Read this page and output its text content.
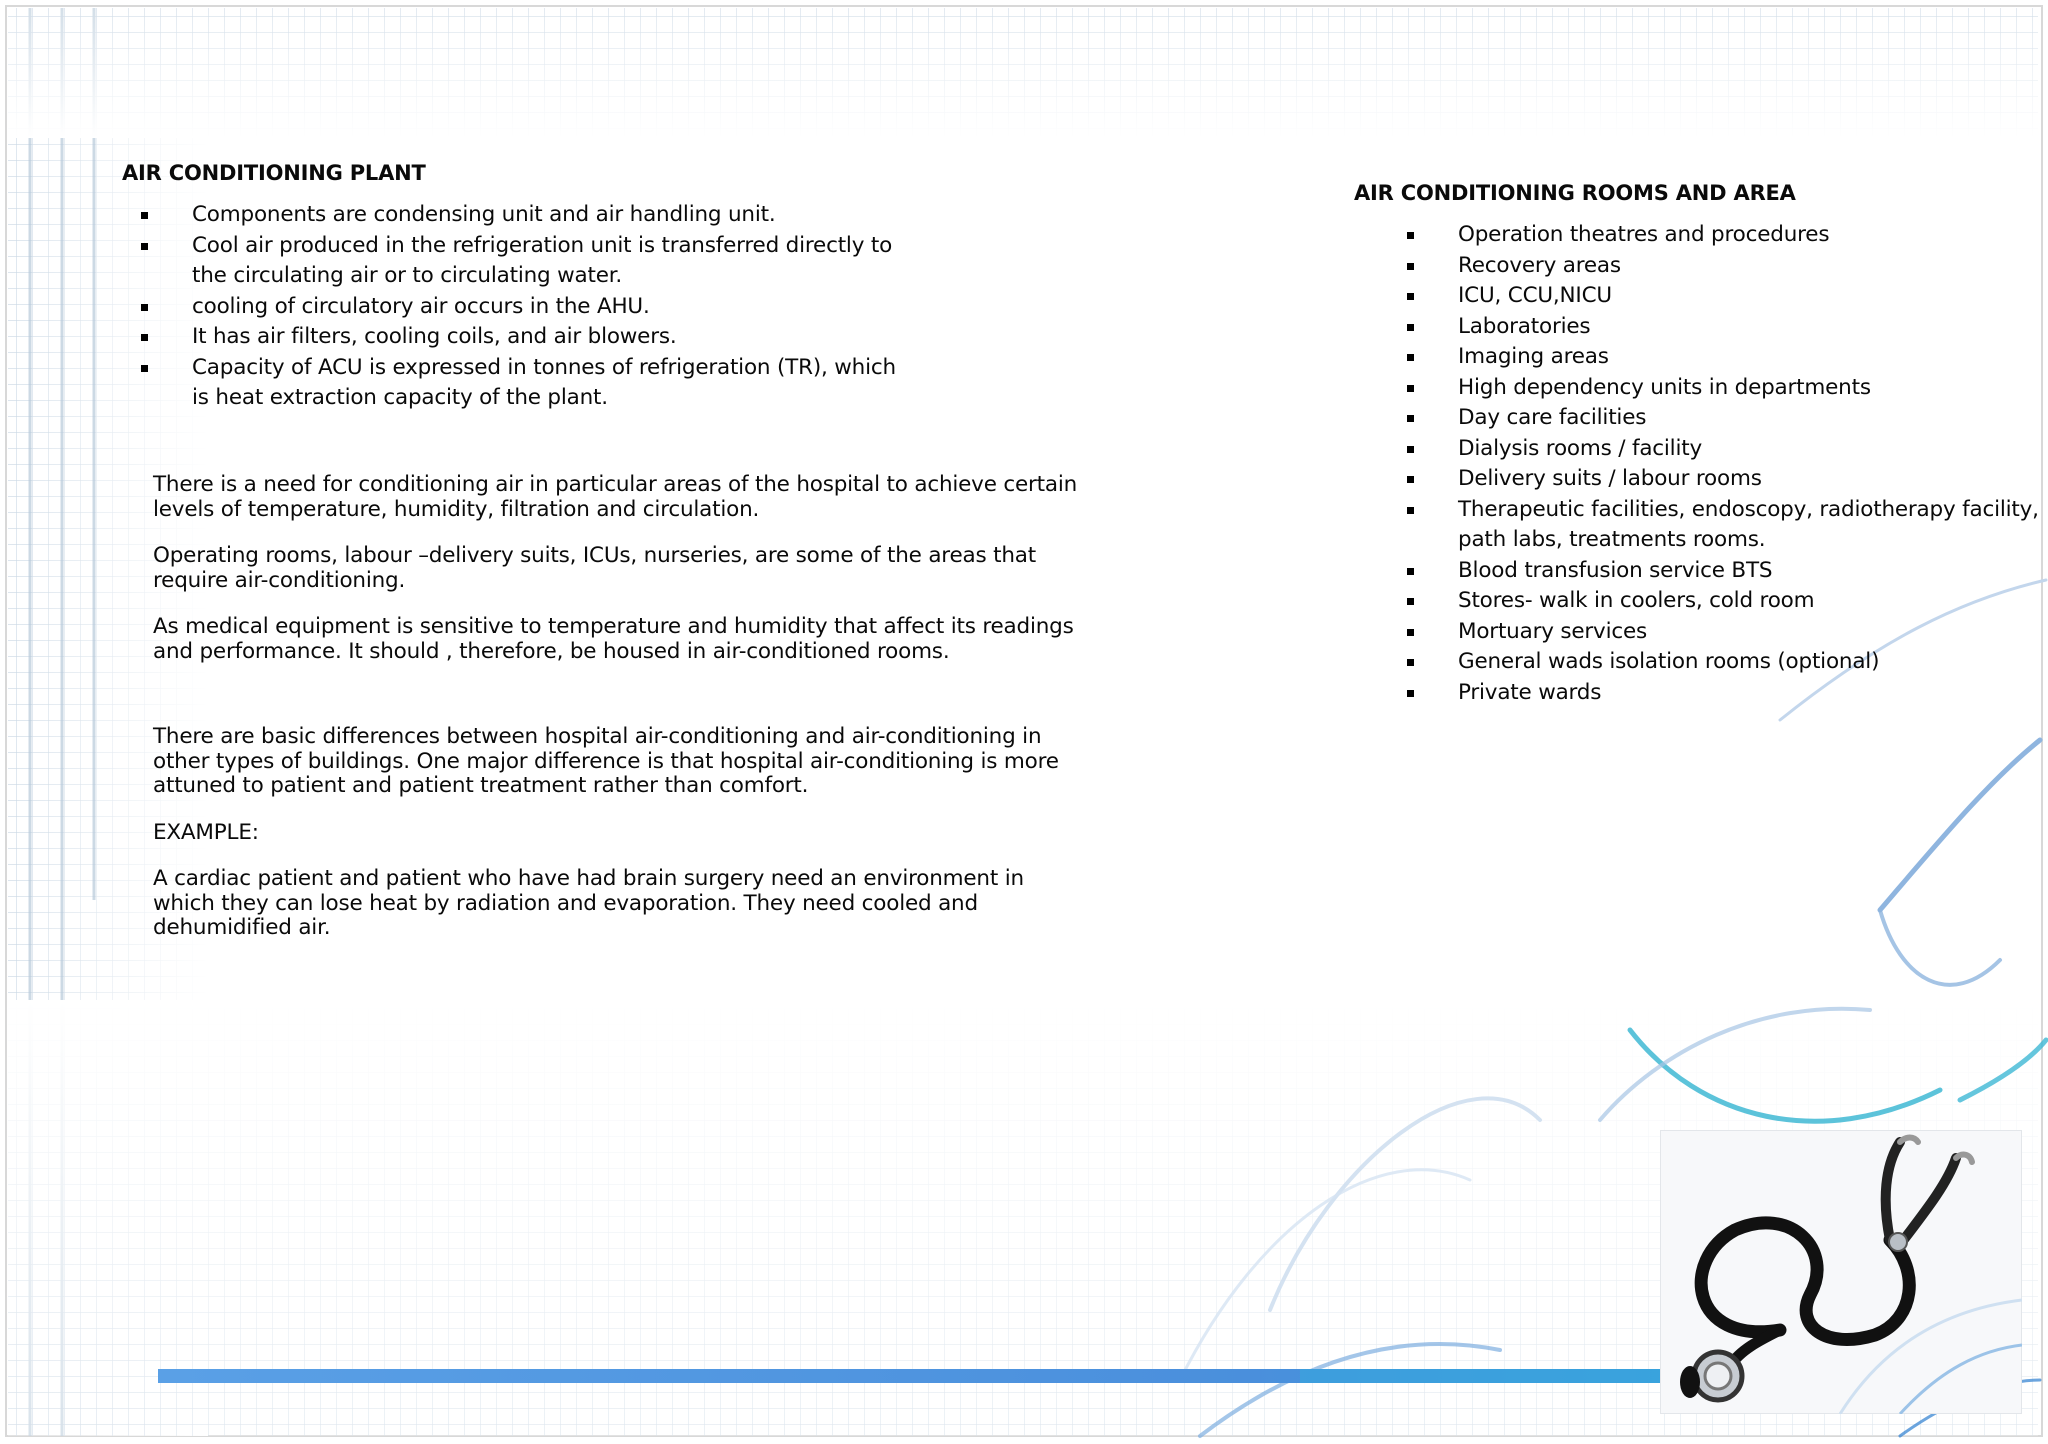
AIR CONDITIONING PLANT

Components are condensing unit and air handling unit.
Cool air produced in the refrigeration unit is transferred directly to the circulating air or to circulating water.
cooling of circulatory air occurs in the AHU.
It has air filters, cooling coils, and air blowers.
Capacity of ACU is expressed in tonnes of refrigeration (TR), which is heat extraction capacity of the plant.

There is a need for conditioning air in particular areas of the hospital to achieve certain levels of temperature, humidity, filtration and circulation.

Operating rooms, labour –delivery suits, ICUs, nurseries, are some of the areas that require air-conditioning.

As medical equipment is sensitive to temperature and humidity that affect its readings and performance. It should , therefore, be housed in air-conditioned rooms.

There are basic differences between hospital air-conditioning and air-conditioning in other types of buildings. One major difference is that hospital air-conditioning is more attuned to patient and patient treatment rather than comfort.

EXAMPLE:

A cardiac patient and patient who have had brain surgery need an environment in which they can lose heat by radiation and evaporation. They need cooled and dehumidified air.

AIR CONDITIONING ROOMS AND AREA

Operation theatres and procedures
Recovery areas
ICU, CCU,NICU
Laboratories
Imaging areas
High dependency units in departments
Day care facilities
Dialysis rooms / facility
Delivery suits / labour rooms
Therapeutic facilities, endoscopy, radiotherapy facility, path labs, treatments rooms.
Blood transfusion service BTS
Stores- walk in coolers, cold room
Mortuary services
General wads isolation rooms (optional)
Private wards
